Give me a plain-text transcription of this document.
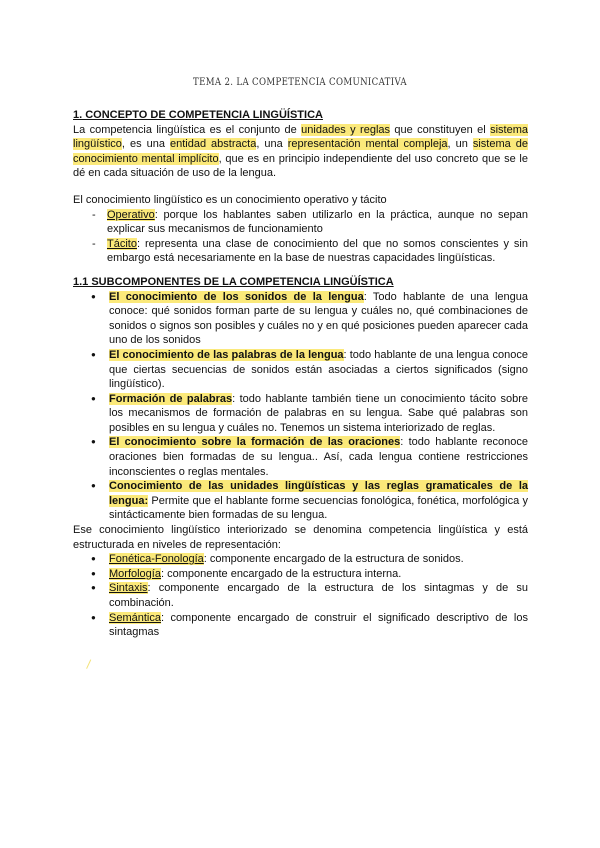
TEMA 2. LA COMPETENCIA COMUNICATIVA
1. CONCEPTO DE COMPETENCIA LINGÜÍSTICA

La competencia lingüística es el conjunto de unidades y reglas que constituyen el sistema lingüístico, es una entidad abstracta, una representación mental compleja, un sistema de conocimiento mental implícito, que es en principio independiente del uso concreto que se le dé en cada situación de uso de la lengua.

El conocimiento lingüístico es un conocimiento operativo y tácito

- Operativo: porque los hablantes saben utilizarlo en la práctica, aunque no sepan explicar sus mecanismos de funcionamiento
- Tácito: representa una clase de conocimiento del que no somos conscientes y sin embargo está necesariamente en la base de nuestras capacidades lingüísticas.
1.1 SUBCOMPONENTES DE LA COMPETENCIA LINGÜÍSTICA
● El conocimiento de los sonidos de la lengua: Todo hablante de una lengua conoce: qué sonidos forman parte de su lengua y cuáles no, qué combinaciones de sonidos o signos son posibles y cuáles no y en qué posiciones pueden aparecer cada uno de los sonidos
● El conocimiento de las palabras de la lengua: todo hablante de una lengua conoce que ciertas secuencias de sonidos están asociadas a ciertos significados (signo lingüístico).
● Formación de palabras: todo hablante también tiene un conocimiento tácito sobre los mecanismos de formación de palabras en su lengua. Sabe qué palabras son posibles en su lengua y cuáles no. Tenemos un sistema interiorizado de reglas.
● El conocimiento sobre la formación de las oraciones: todo hablante reconoce oraciones bien formadas de su lengua.. Así, cada lengua contiene restricciones inconscientes o reglas mentales.
● Conocimiento de las unidades lingüísticas y las reglas gramaticales de la lengua: Permite que el hablante forme secuencias fonológica, fonética, morfológica y sintácticamente bien formadas de su lengua.

Ese conocimiento lingüístico interiorizado se denomina competencia lingüística y está estructurada en niveles de representación:

● Fonética-Fonología: componente encargado de la estructura de sonidos.
● Morfología: componente encargado de la estructura interna.
● Sintaxis: componente encargado de la estructura de los sintagmas y de su combinación.
● Semántica: componente encargado de construir el significado descriptivo de los sintagmas
